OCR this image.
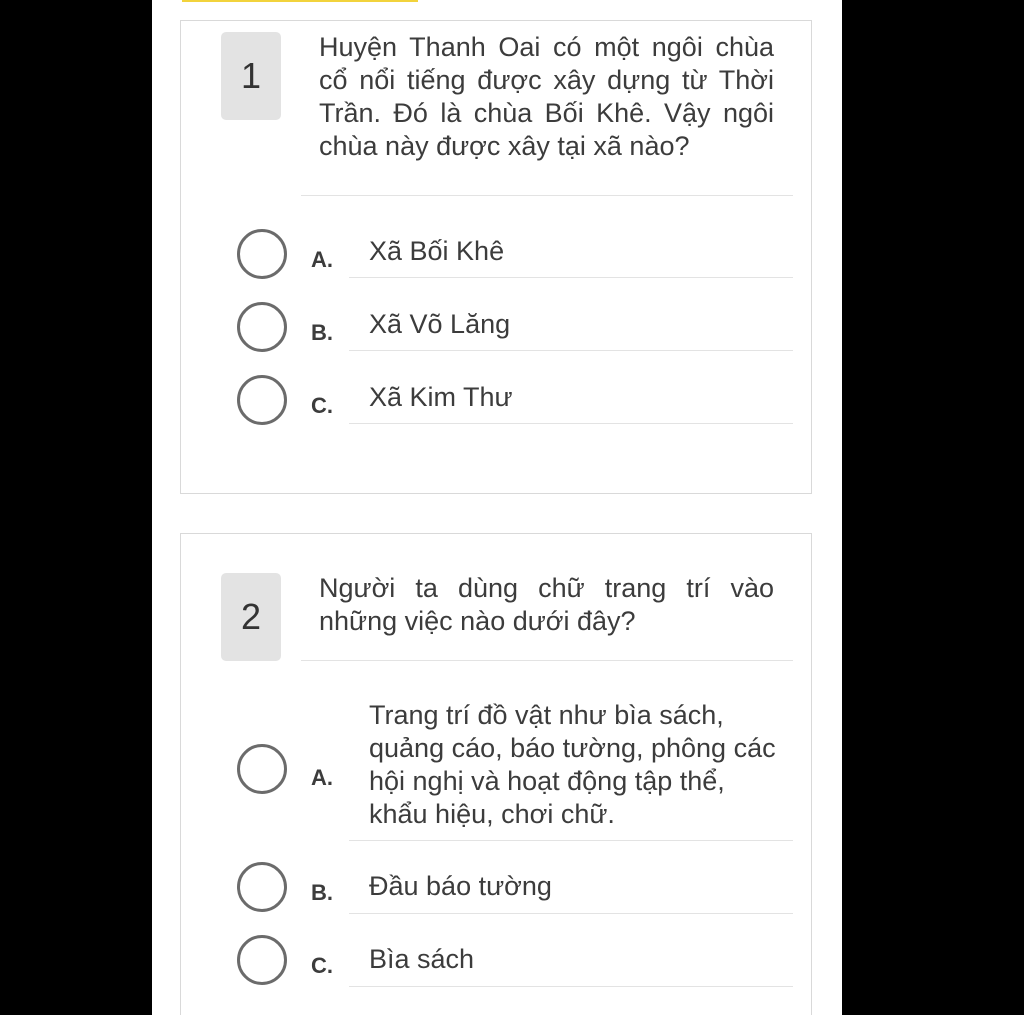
1
Huyện Thanh Oai có một ngôi chùa cổ nổi tiếng được xây dựng từ Thời Trần. Đó là chùa Bối Khê. Vậy ngôi chùa này được xây tại xã nào?
A. Xã Bối Khê
B. Xã Võ Lăng
C. Xã Kim Thư
2
Người ta dùng chữ trang trí vào những việc nào dưới đây?
A.
Trang trí đồ vật như bìa sách, quảng cáo, báo tường, phông các hội nghị và hoạt động tập thể, khẩu hiệu, chơi chữ.
B. Đầu báo tường
C. Bìa sách
